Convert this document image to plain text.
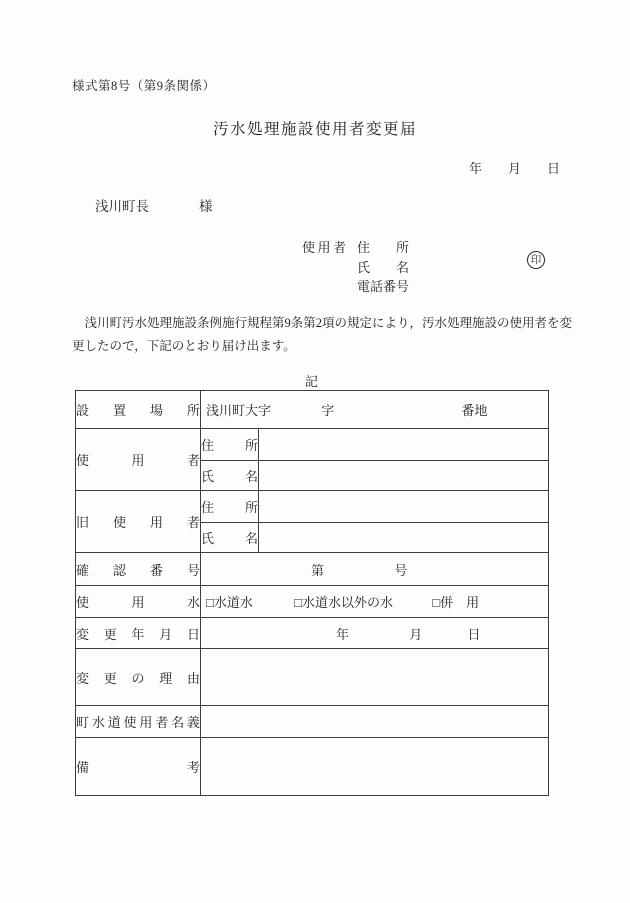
様式第8号（第9条関係）
汚水処理施設使用者変更届
年　　月　　日
浅川町長	様
使 用 者 住 所
氏 名
電話番号
印
浅川町汚水処理施設条例施行規程第9条第2項の規定により，汚水処理施設の使用者を変更したので，下記のとおり届け出ます。
記
設 置 場 所	浅川町大字 字 番地	

使 用 者	住 所	

	氏 名	

旧 使 用 者	住 所	

	氏 名	

確 認 番 号	第 号	

使 用 水	□水道水 □水道水以外の水 □併　用	

変 更 年 月 日	年 月 日	

変 更 の 理 由		

町 水 道 使 用 者 名 義

備 考		
